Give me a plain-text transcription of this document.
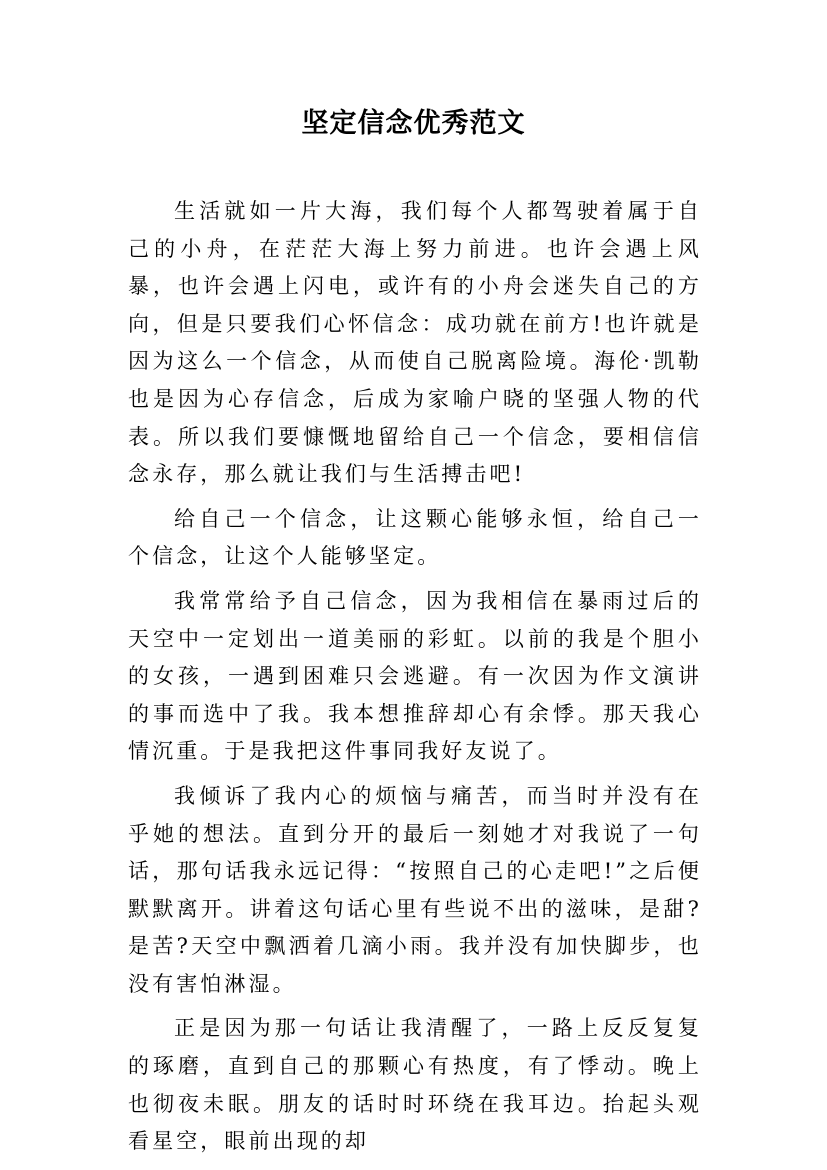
坚定信念优秀范文

生活就如一片大海，我们每个人都驾驶着属于自己的小舟，在茫茫大海上努力前进。也许会遇上风暴，也许会遇上闪电，或许有的小舟会迷失自己的方向，但是只要我们心怀信念：成功就在前方!也许就是因为这么一个信念，从而使自己脱离险境。海伦·凯勒也是因为心存信念，后成为家喻户晓的坚强人物的代表。所以我们要慷慨地留给自己一个信念，要相信信念永存，那么就让我们与生活搏击吧!

给自己一个信念，让这颗心能够永恒，给自己一个信念，让这个人能够坚定。

我常常给予自己信念，因为我相信在暴雨过后的天空中一定划出一道美丽的彩虹。以前的我是个胆小的女孩，一遇到困难只会逃避。有一次因为作文演讲的事而选中了我。我本想推辞却心有余悸。那天我心情沉重。于是我把这件事同我好友说了。

我倾诉了我内心的烦恼与痛苦，而当时并没有在乎她的想法。直到分开的最后一刻她才对我说了一句话，那句话我永远记得：“按照自己的心走吧!”之后便默默离开。讲着这句话心里有些说不出的滋味，是甜?是苦?天空中飘洒着几滴小雨。我并没有加快脚步，也没有害怕淋湿。

正是因为那一句话让我清醒了，一路上反反复复的琢磨，直到自己的那颗心有热度，有了悸动。晚上也彻夜未眠。朋友的话时时环绕在我耳边。抬起头观看星空，眼前出现的却
